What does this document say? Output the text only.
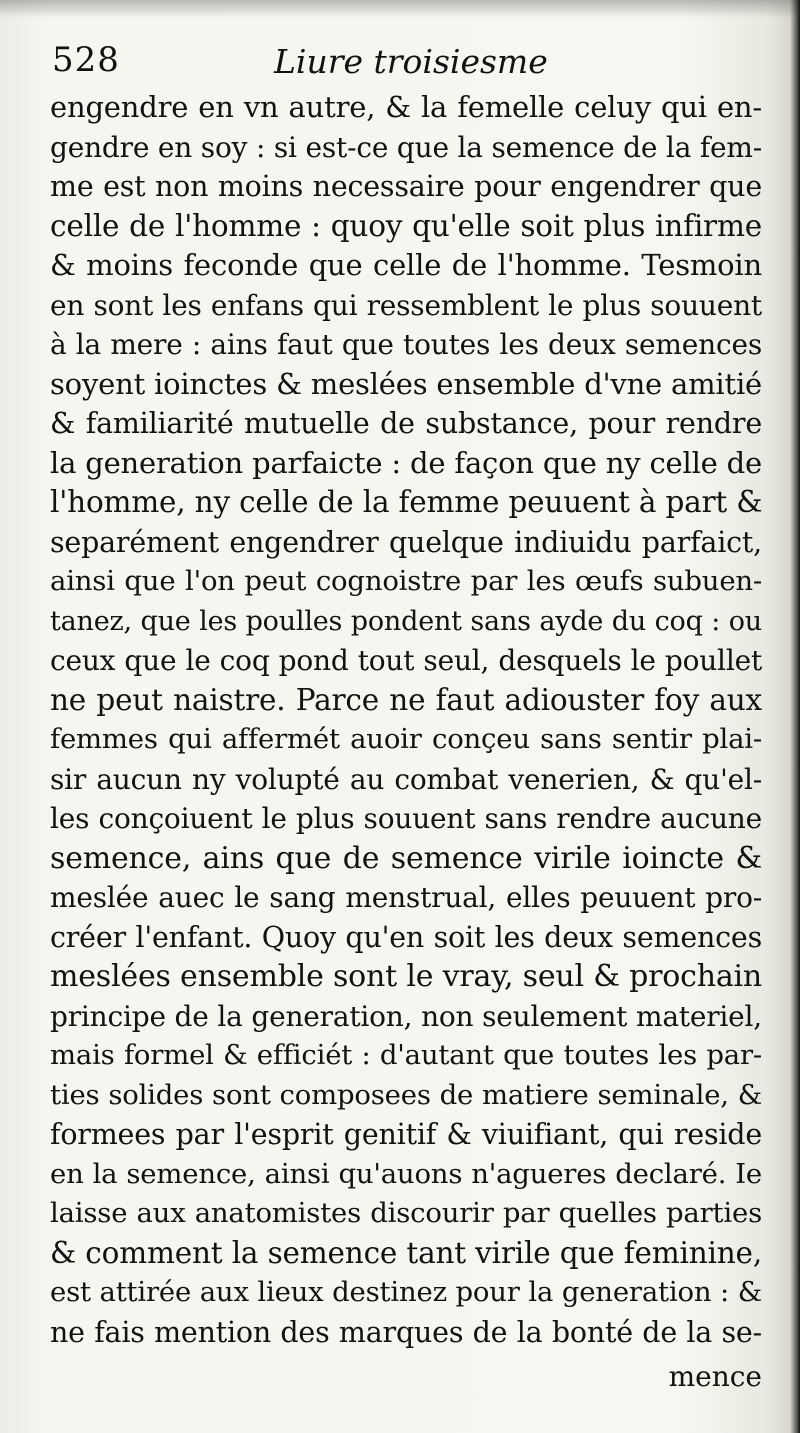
528	Liure troisiesme
engendre en vn autre, & la femelle celuy qui en-
gendre en soy : si est-ce que la semence de la fem-
me est non moins necessaire pour engendrer que
celle de l'homme : quoy qu'elle soit plus infirme
& moins feconde que celle de l'homme. Tesmoin
en sont les enfans qui ressemblent le plus souuent
à la mere : ains faut que toutes les deux semences
soyent ioinctes & meslées ensemble d'vne amitié
& familiarité mutuelle de substance, pour rendre
la generation parfaicte : de façon que ny celle de
l'homme, ny celle de la femme peuuent à part &
separément engendrer quelque indiuidu parfaict,
ainsi que l'on peut cognoistre par les œufs subuen-
tanez, que les poulles pondent sans ayde du coq : ou
ceux que le coq pond tout seul, desquels le poullet
ne peut naistre. Parce ne faut adiouster foy aux
femmes qui affermét auoir conçeu sans sentir plai-
sir aucun ny volupté au combat venerien, & qu'el-
les conçoiuent le plus souuent sans rendre aucune
semence, ains que de semence virile ioincte &
meslée auec le sang menstrual, elles peuuent pro-
créer l'enfant. Quoy qu'en soit les deux semences
meslées ensemble sont le vray, seul & prochain
principe de la generation, non seulement materiel,
mais formel & efficiét : d'autant que toutes les par-
ties solides sont composees de matiere seminale, &
formees par l'esprit genitif & viuifiant, qui reside
en la semence, ainsi qu'auons n'agueres declaré. Ie
laisse aux anatomistes discourir par quelles parties
& comment la semence tant virile que feminine,
est attirée aux lieux destinez pour la generation : &
ne fais mention des marques de la bonté de la se-
mence
